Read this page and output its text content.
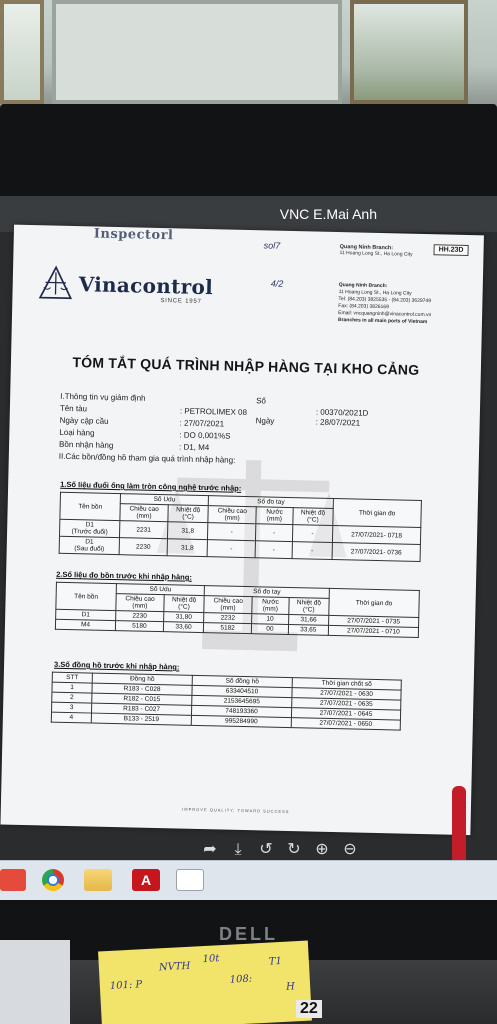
VNC E.Mai Anh
Inspectorl
sol7
4/2
Vinacontrol
SINCE 1957
Quang Ninh Branch:
11 Hoang Long St., Ha Long City	HH.23D
Quang Ninh Branch:
11 Hoang Long St., Ha Long City
Tel: (84.203) 3825535 - (84.203) 3629749
Fax: (84.203) 3826169
Email: vncquangninh@vinacontrol.com.vn
Branches in all main ports of Vietnam
TÓM TẮT QUÁ TRÌNH NHẬP HÀNG TẠI KHO CẢNG
I.Thông tin vụ giám định
Tên tàu	: PETROLIMEX 08
Ngày cập cầu	: 27/07/2021
Loại hàng	: DO 0,001%S
Bồn nhận hàng	: D1, M4
II.Các bồn/đồng hồ tham gia quá trình nhập hàng:
Số
: 00370/2021D
Ngày	: 28/07/2021
1.Số liệu đuổi ống làm tròn công nghệ trước nhập:
Tên bồn	Số Udu		Số đo tay			Thời gian đo
	Chiều cao (mm)	Nhiệt độ (°C)	Chiều cao (mm)	Nước (mm)	Nhiệt độ (°C)	
D1
(Trước đuổi)	2231	31,8	-	-	-	27/07/2021- 0718
D1
(Sau đuổi)	2230	31,8	-	-	-	27/07/2021- 0736
2.Số liệu đo bồn trước khi nhập hàng:
Tên bồn	Số Udu		Số đo tay			Thời gian đo
	Chiều cao (mm)	Nhiệt độ (°C)	Chiều cao (mm)	Nước (mm)	Nhiệt độ (°C)	
D1	2230	31,80	2232	10	31,66	27/07/2021 - 0735
M4	5180	33,60	5182	00	33,65	27/07/2021 - 0710
3.Số đồng hồ trước khi nhập hàng:
STT	Đồng hồ	Số đồng hồ	Thời gian chốt số
1	R183 - C028	633404510	27/07/2021 - 0630
2	R182 - C015	2153645695	27/07/2021 - 0635
3	R183 - C027	748193360	27/07/2021 - 0645
4	B133 - 2519	995284990	27/07/2021 - 0650
IMPROVE QUALITY, TOWARD SUCCESS
➦	⤓	↺ ↻ ⊕ ⊖
A
DELL
101: P
NVTH
10t
108:
T1
H
22
